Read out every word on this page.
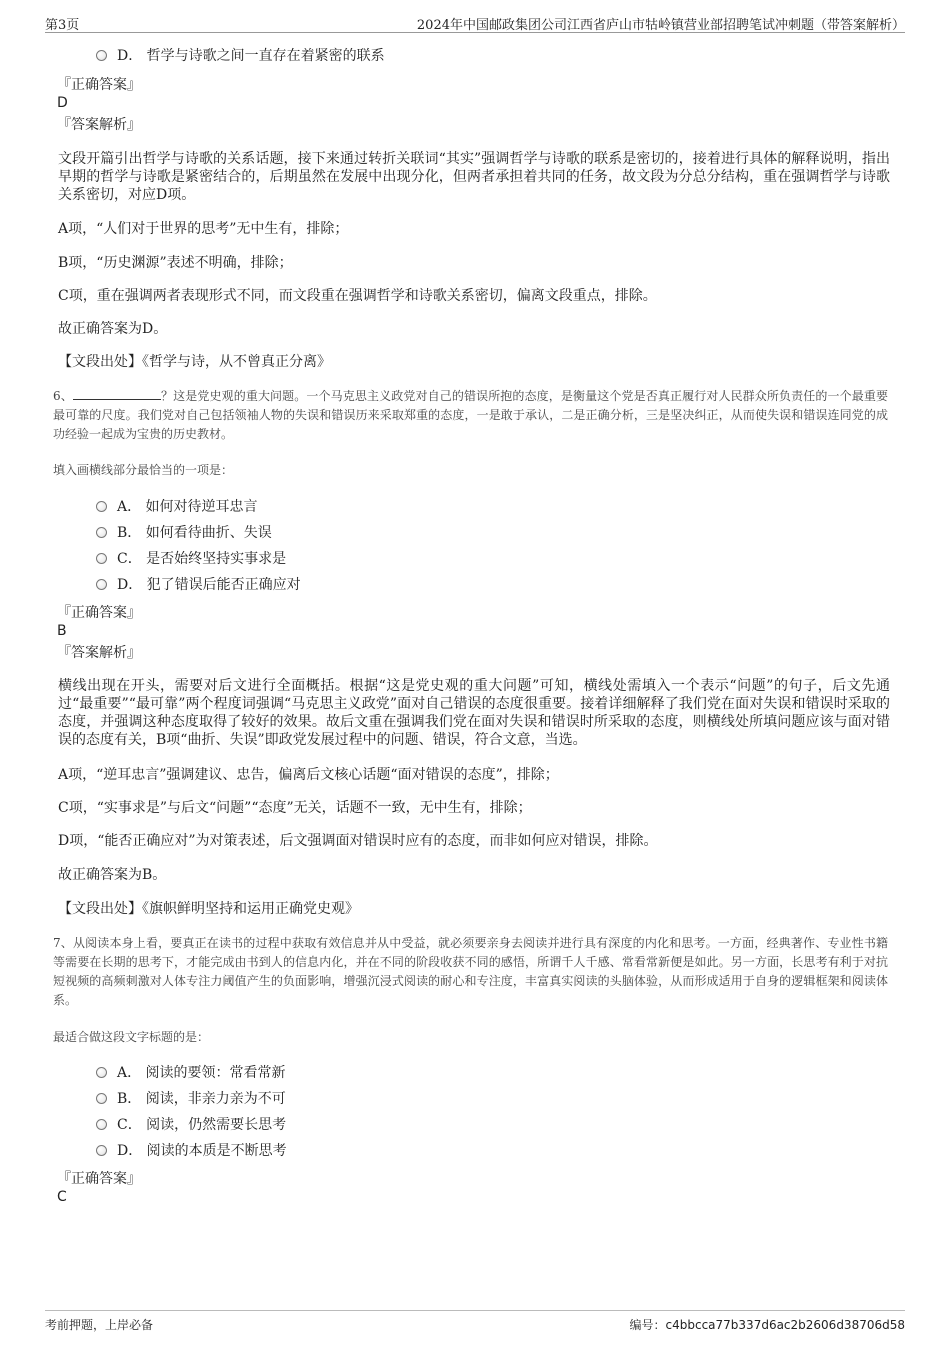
第3页	2024年中国邮政集团公司江西省庐山市牯岭镇营业部招聘笔试冲刺题（带答案解析）
D． 哲学与诗歌之间一直存在着紧密的联系
『正确答案』
D
『答案解析』
文段开篇引出哲学与诗歌的关系话题，接下来通过转折关联词“其实”强调哲学与诗歌的联系是密切的，接着进行具体的解释说明，指出早期的哲学与诗歌是紧密结合的，后期虽然在发展中出现分化，但两者承担着共同的任务，故文段为分总分结构，重在强调哲学与诗歌关系密切，对应D项。
A项，“人们对于世界的思考”无中生有，排除；
B项，“历史渊源”表述不明确，排除；
C项，重在强调两者表现形式不同，而文段重在强调哲学和诗歌关系密切，偏离文段重点，排除。
故正确答案为D。
【文段出处】《哲学与诗，从不曾真正分离》
6、	？这是党史观的重大问题。一个马克思主义政党对自己的错误所抱的态度，是衡量这个党是否真正履行对人民群众所负责任的一个最重要最可靠的尺度。我们党对自己包括领袖人物的失误和错误历来采取郑重的态度，一是敢于承认，二是正确分析，三是坚决纠正，从而使失误和错误连同党的成功经验一起成为宝贵的历史教材。
填入画横线部分最恰当的一项是：
A． 如何对待逆耳忠言
B． 如何看待曲折、失误
C． 是否始终坚持实事求是
D． 犯了错误后能否正确应对
『正确答案』
B
『答案解析』
横线出现在开头，需要对后文进行全面概括。根据“这是党史观的重大问题”可知，横线处需填入一个表示“问题”的句子，后文先通过“最重要”“最可靠”两个程度词强调“马克思主义政党”面对自己错误的态度很重要。接着详细解释了我们党在面对失误和错误时采取的态度，并强调这种态度取得了较好的效果。故后文重在强调我们党在面对失误和错误时所采取的态度，则横线处所填问题应该与面对错误的态度有关，B项“曲折、失误”即政党发展过程中的问题、错误，符合文意，当选。
A项，“逆耳忠言”强调建议、忠告，偏离后文核心话题“面对错误的态度”，排除；
C项，“实事求是”与后文“问题”“态度”无关，话题不一致，无中生有，排除；
D项，“能否正确应对”为对策表述，后文强调面对错误时应有的态度，而非如何应对错误，排除。
故正确答案为B。
【文段出处】《旗帜鲜明坚持和运用正确党史观》
7、从阅读本身上看，要真正在读书的过程中获取有效信息并从中受益，就必须要亲身去阅读并进行具有深度的内化和思考。一方面，经典著作、专业性书籍等需要在长期的思考下，才能完成由书到人的信息内化，并在不同的阶段收获不同的感悟，所谓千人千感、常看常新便是如此。另一方面，长思考有利于对抗短视频的高频刺激对人体专注力阈值产生的负面影响，增强沉浸式阅读的耐心和专注度，丰富真实阅读的头脑体验，从而形成适用于自身的逻辑框架和阅读体系。
最适合做这段文字标题的是：
A． 阅读的要领：常看常新
B． 阅读，非亲力亲为不可
C． 阅读，仍然需要长思考
D． 阅读的本质是不断思考
『正确答案』
C
考前押题，上岸必备	编号：c4bbcca77b337d6ac2b2606d38706d58
